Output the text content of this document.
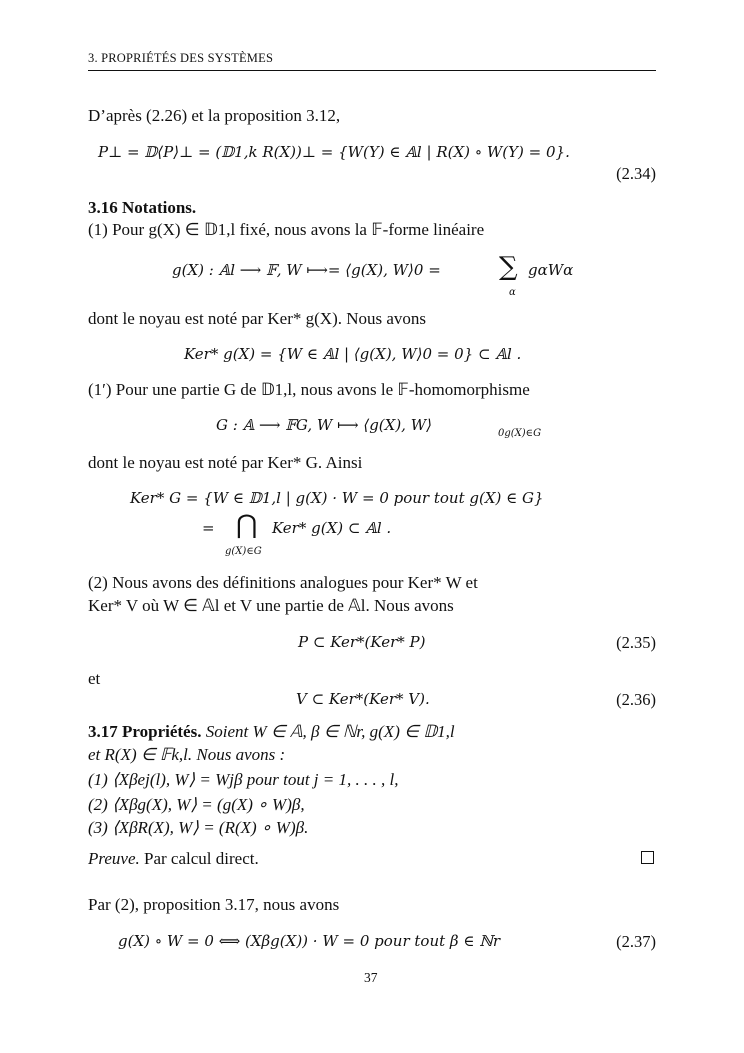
3. PROPRIÉTÉS DES SYSTÈMES
D’après (2.26) et la proposition 3.12,
P⊥ = 𝔻⟨P⟩⊥ = (𝔻1,k R(X))⊥ = {W(Y) ∈ 𝔸l | R(X) ∘ W(Y) = 0}.
(2.34)
3.16 Notations.
(1) Pour g(X) ∈ 𝔻1,l fixé, nous avons la 𝔽-forme linéaire
g(X) : 𝔸l ⟶ 𝔽, W ⟼= ⟨g(X), W⟩0 = ∑
α
gαWα
dont le noyau est noté par Ker* g(X). Nous avons
Ker* g(X) = {W ∈ 𝔸l | ⟨g(X), W⟩0 = 0} ⊂ 𝔸l .
(1′) Pour une partie G de 𝔻1,l, nous avons le 𝔽-homomorphisme
G : 𝔸 ⟶ 𝔽G, W ⟼ ⟨g(X), W⟩	0g(X)∈G
dont le noyau est noté par Ker* G. Ainsi
Ker* G = {W ∈ 𝔻1,l | g(X) · W = 0 pour tout g(X) ∈ G}
= ⋂
g(X)∈G
Ker* g(X) ⊂ 𝔸l .
(2) Nous avons des définitions analogues pour Ker* W et
Ker* V où W ∈ 𝔸l et V une partie de 𝔸l. Nous avons
P ⊂ Ker*(Ker* P)	(2.35)
et
V ⊂ Ker*(Ker* V).	(2.36)
3.17 Propriétés. Soient W ∈ 𝔸, β ∈ ℕr, g(X) ∈ 𝔻1,l
et R(X) ∈ 𝔽k,l. Nous avons :
(1) ⟨Xβej(l), W⟩ = Wjβ pour tout j = 1, . . . , l,
(2) ⟨Xβg(X), W⟩ = (g(X) ∘ W)β,
(3) ⟨XβR(X), W⟩ = (R(X) ∘ W)β.
Preuve. Par calcul direct.
Par (2), proposition 3.17, nous avons
g(X) ∘ W = 0 ⟺ (Xβg(X)) · W = 0 pour tout β ∈ ℕr	(2.37)
37
